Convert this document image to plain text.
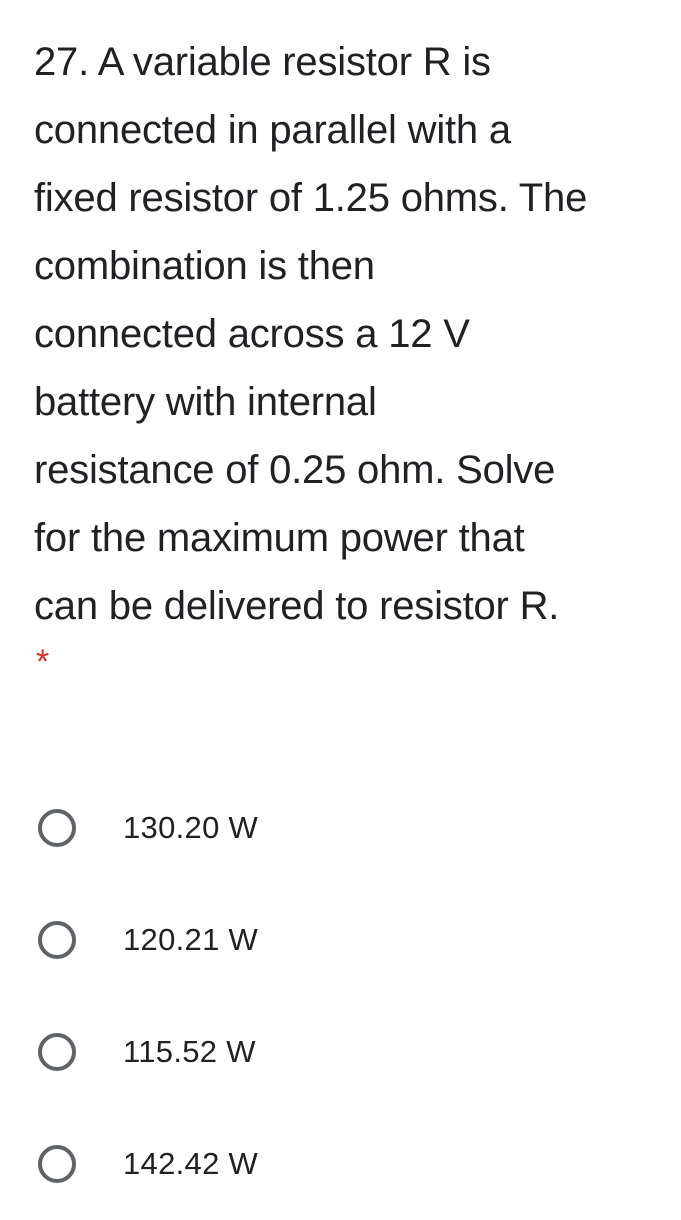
27. A variable resistor R is
connected in parallel with a
fixed resistor of 1.25 ohms. The
combination is then
connected across a 12 V
battery with internal
resistance of 0.25 ohm. Solve
for the maximum power that
can be delivered to resistor R.
*
130.20 W
120.21 W
115.52 W
142.42 W
